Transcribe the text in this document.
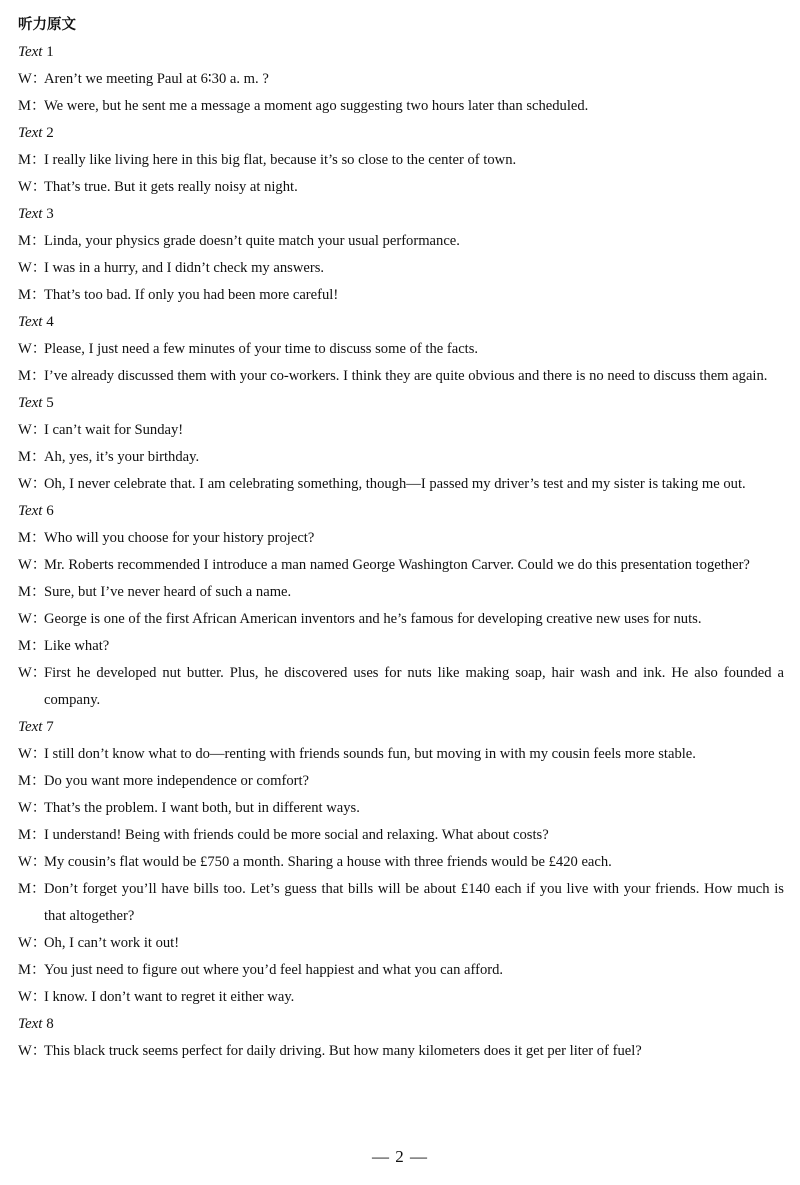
听力原文
Text 1
W：
Aren’t we meeting Paul at 6∶30 a. m. ?
M：
We were, but he sent me a message a moment ago suggesting two hours later than scheduled.
Text 2
M：
I really like living here in this big flat, because it’s so close to the center of town.
W：
That’s true. But it gets really noisy at night.
Text 3
M：
Linda, your physics grade doesn’t quite match your usual performance.
W：
I was in a hurry, and I didn’t check my answers.
M：
That’s too bad. If only you had been more careful!
Text 4
W：
Please, I just need a few minutes of your time to discuss some of the facts.
M：
I’ve already discussed them with your co-workers. I think they are quite obvious and there is no need to discuss them again.
Text 5
W：
I can’t wait for Sunday!
M：
Ah, yes, it’s your birthday.
W：
Oh, I never celebrate that. I am celebrating something, though—I passed my driver’s test and my sister is taking me out.
Text 6
M：
Who will you choose for your history project?
W：
Mr. Roberts recommended I introduce a man named George Washington Carver. Could we do this presentation together?
M：
Sure, but I’ve never heard of such a name.
W：
George is one of the first African American inventors and he’s famous for developing creative new uses for nuts.
M：
Like what?
W：
First he developed nut butter. Plus, he discovered uses for nuts like making soap, hair wash and ink. He also founded a company.
Text 7
W：
I still don’t know what to do—renting with friends sounds fun, but moving in with my cousin feels more stable.
M：
Do you want more independence or comfort?
W：
That’s the problem. I want both, but in different ways.
M：
I understand! Being with friends could be more social and relaxing. What about costs?
W：
My cousin’s flat would be £750 a month. Sharing a house with three friends would be £420 each.
M：
Don’t forget you’ll have bills too. Let’s guess that bills will be about £140 each if you live with your friends. How much is that altogether?
W：
Oh, I can’t work it out!
M：
You just need to figure out where you’d feel happiest and what you can afford.
W：
I know. I don’t want to regret it either way.
Text 8
W：
This black truck seems perfect for daily driving. But how many kilometers does it get per liter of fuel?
— 2 —
